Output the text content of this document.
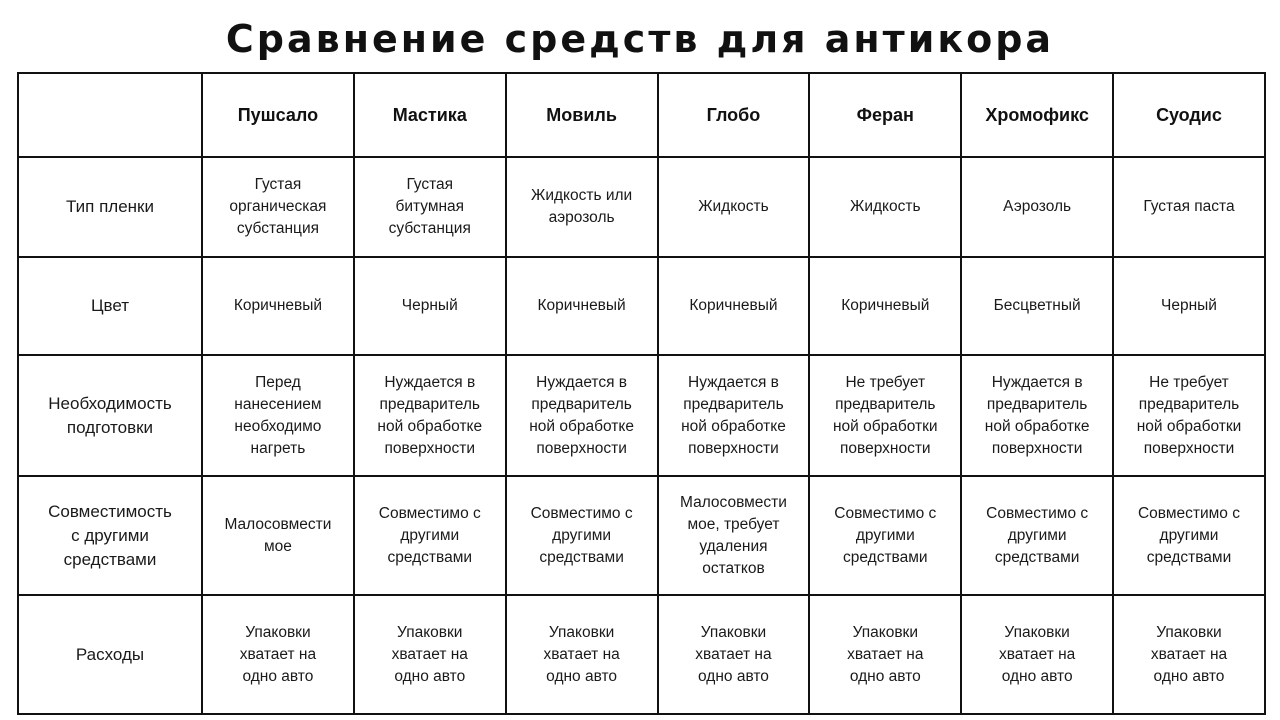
Сравнение средств для антикора
	Пушсало	Мастика	Мовиль	Глобо	Феран	Хромофикс	Суодис

Тип пленки	Густая
органическая
субстанция	Густая
битумная
субстанция	Жидкость или
аэрозоль	Жидкость	Жидкость	Аэрозоль	Густая паста

Цвет	Коричневый	Черный	Коричневый	Коричневый	Коричневый	Бесцветный	Черный

Необходимость
подготовки	Перед
нанесением
необходимо
нагреть	Нуждается в
предваритель
ной обработке
поверхности	Нуждается в
предваритель
ной обработке
поверхности	Нуждается в
предваритель
ной обработке
поверхности	Не требует
предваритель
ной обработки
поверхности	Нуждается в
предваритель
ной обработке
поверхности	Не требует
предваритель
ной обработки
поверхности

Совместимость
с другими
средствами	Малосовмести
мое	Совместимо с
другими
средствами	Совместимо с
другими
средствами	Малосовмести
мое, требует
удаления
остатков	Совместимо с
другими
средствами	Совместимо с
другими
средствами	Совместимо с
другими
средствами

Расходы	Упаковки
хватает на
одно авто	Упаковки
хватает на
одно авто	Упаковки
хватает на
одно авто	Упаковки
хватает на
одно авто	Упаковки
хватает на
одно авто	Упаковки
хватает на
одно авто	Упаковки
хватает на
одно авто
